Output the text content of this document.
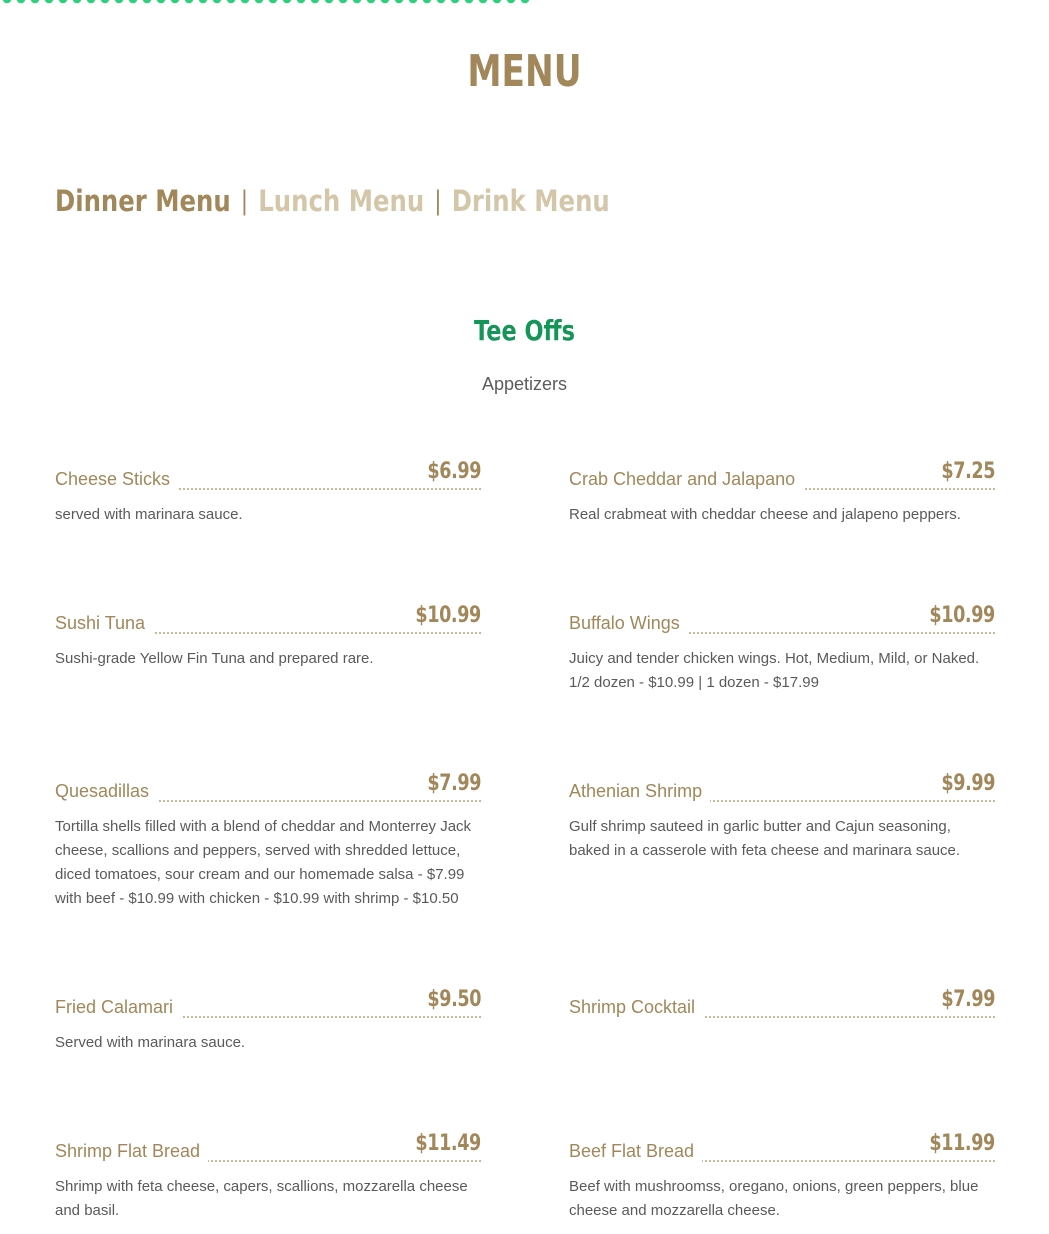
MENU
Dinner Menu | Lunch Menu | Drink Menu
Tee Offs
Appetizers
Cheese Sticks	$6.99
served with marinara sauce.
Crab Cheddar and Jalapano	$7.25
Real crabmeat with cheddar cheese and jalapeno peppers.
Sushi Tuna	$10.99
Sushi-grade Yellow Fin Tuna and prepared rare.
Buffalo Wings	$10.99
Juicy and tender chicken wings. Hot, Medium, Mild, or Naked. 1/2 dozen - $10.99 | 1 dozen - $17.99
Quesadillas	$7.99
Tortilla shells filled with a blend of cheddar and Monterrey Jack cheese, scallions and peppers, served with shredded lettuce, diced tomatoes, sour cream and our homemade salsa - $7.99 with beef - $10.99 with chicken - $10.99 with shrimp - $10.50
Athenian Shrimp	$9.99
Gulf shrimp sauteed in garlic butter and Cajun seasoning, baked in a casserole with feta cheese and marinara sauce.
Fried Calamari	$9.50
Served with marinara sauce.
Shrimp Cocktail	$7.99
Shrimp Flat Bread	$11.49
Shrimp with feta cheese, capers, scallions, mozzarella cheese and basil.
Beef Flat Bread	$11.99
Beef with mushroomss, oregano, onions, green peppers, blue cheese and mozzarella cheese.
